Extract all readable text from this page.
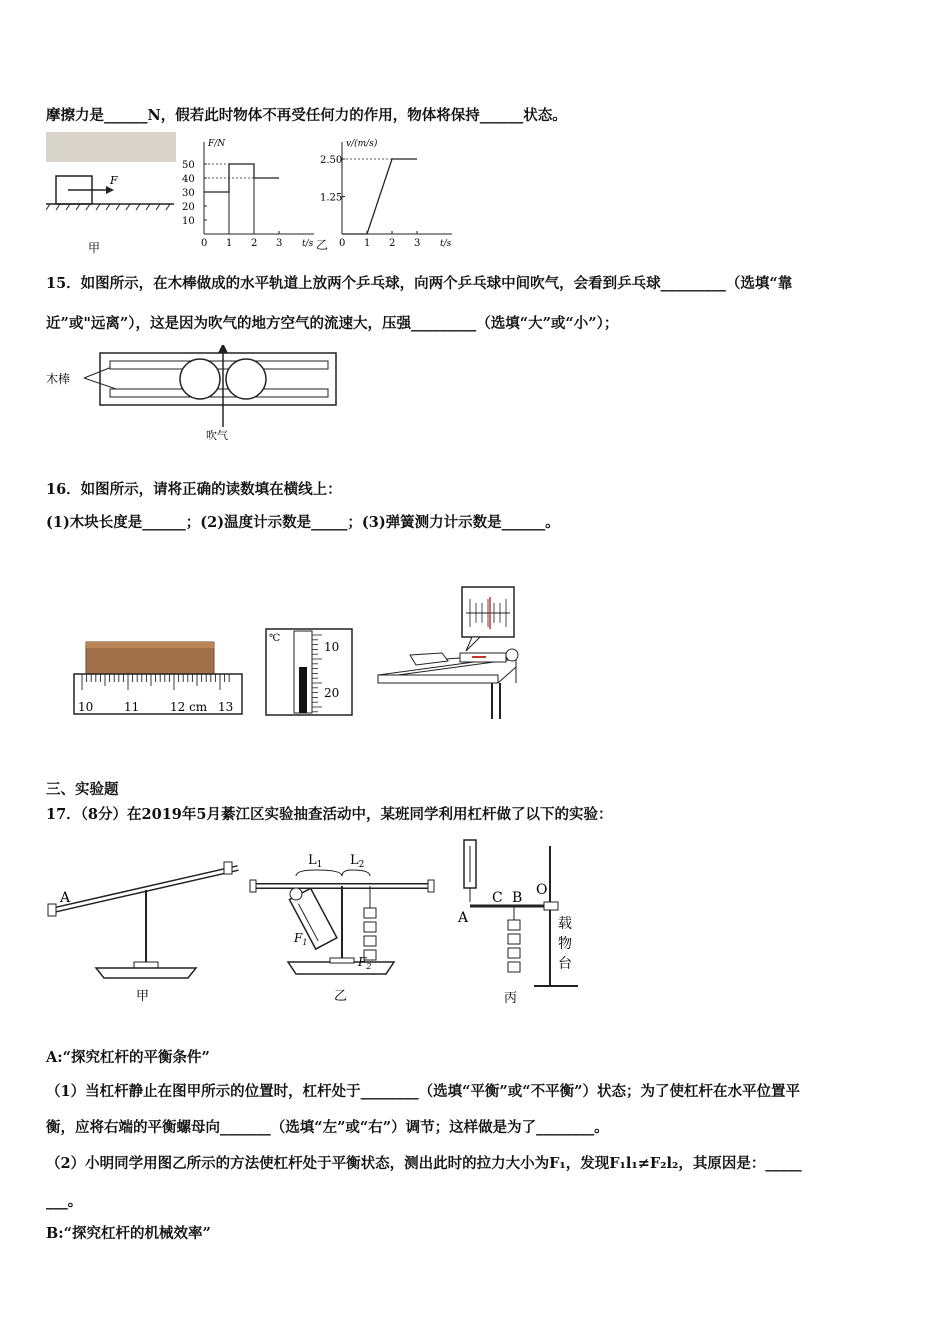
摩擦力是______N，假若此时物体不再受任何力的作用，物体将保持______状态。
F
甲
F/N
t/s
0 1 2 3
10
20
30
40
50
乙
v/(m/s)
t/s
0 1 2 3
1.25
2.50
15．如图所示，在木棒做成的水平轨道上放两个乒乓球，向两个乒乓球中间吹气，会看到乒乓球_________（选填“靠
近”或"远离”），这是因为吹气的地方空气的流速大，压强_________（选填“大”或“小”）；
木棒
吹气
16．如图所示，请将正确的读数填在横线上：
(1)木块长度是______；(2)温度计示数是_____；(3)弹簧测力计示数是______。
10	11	12 cm 13
℃
10
20
三、实验题
17．（8分）在2019年5月綦江区实验抽查活动中，某班同学利用杠杆做了以下的实验：
A
甲
$L_1$ $L_2$
$F_1$
$F_2$
乙
A
C B O
载
物
台
丙
A:“探究杠杆的平衡条件”
（1）当杠杆静止在图甲所示的位置时，杠杆处于________（选填“平衡”或“不平衡”）状态；为了使杠杆在水平位置平
衡，应将右端的平衡螺母向_______（选填“左”或“右”）调节；这样做是为了________。
（2）小明同学用图乙所示的方法使杠杆处于平衡状态，测出此时的拉力大小为F₁，发现F₁l₁≠F₂l₂，其原因是：_____
___。
B:“探究杠杆的机械效率”
